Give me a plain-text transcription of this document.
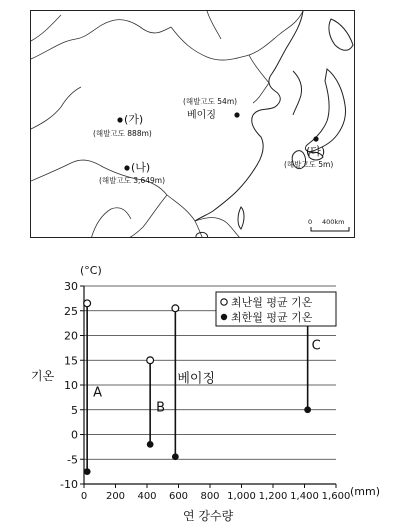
(가)
(해발고도 888m)
(나)
(해발고도 3,649m)
(해발고도 54m)
베이징
(다)
(해발고도 5m)
0 400km
-10
-5
0
5
10
15
20
25
30
0 200 400 600 800 1,000 1,200 1,400 1,600
A
B
베이징
C
최난월 평균 기온
최한월 평균 기온
(°C)
기온
연 강수량
(mm)
